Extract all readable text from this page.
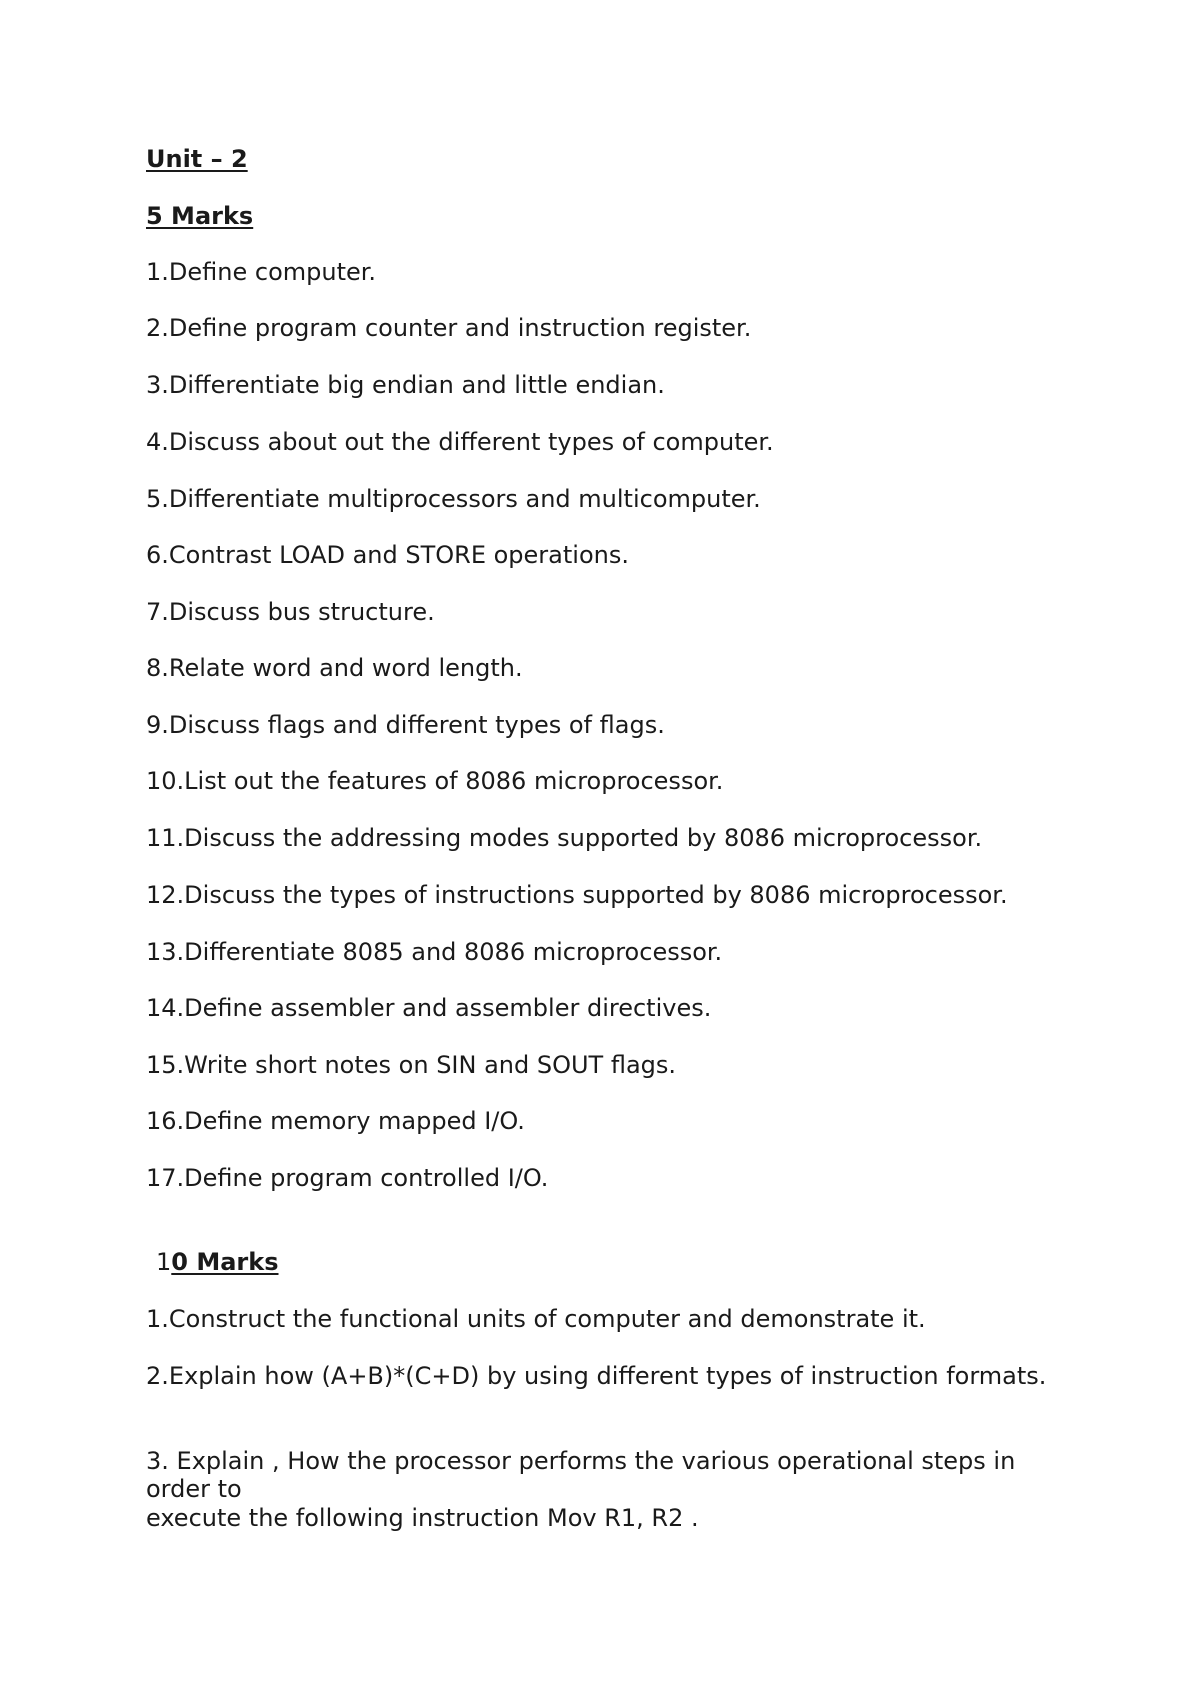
Unit – 2
5 Marks
1.Define computer.
2.Define program counter and instruction register.
3.Differentiate big endian and little endian.
4.Discuss about out the different types of computer.
5.Differentiate multiprocessors and multicomputer.
6.Contrast LOAD and STORE operations.
7.Discuss bus structure.
8.Relate word and word length.
9.Discuss flags and different types of flags.
10.List out the features of 8086 microprocessor.
11.Discuss the addressing modes supported by 8086 microprocessor.
12.Discuss the types of instructions supported by 8086 microprocessor.
13.Differentiate 8085 and 8086 microprocessor.
14.Define assembler and assembler directives.
15.Write short notes on SIN and SOUT flags.
16.Define memory mapped I/O.
17.Define program controlled I/O.
10 Marks
1.Construct the functional units of computer and demonstrate it.
2.Explain how (A+B)*(C+D) by using different types of instruction formats.
3. Explain , How the processor performs the various operational steps in order to
execute the following instruction Mov R1, R2 .
